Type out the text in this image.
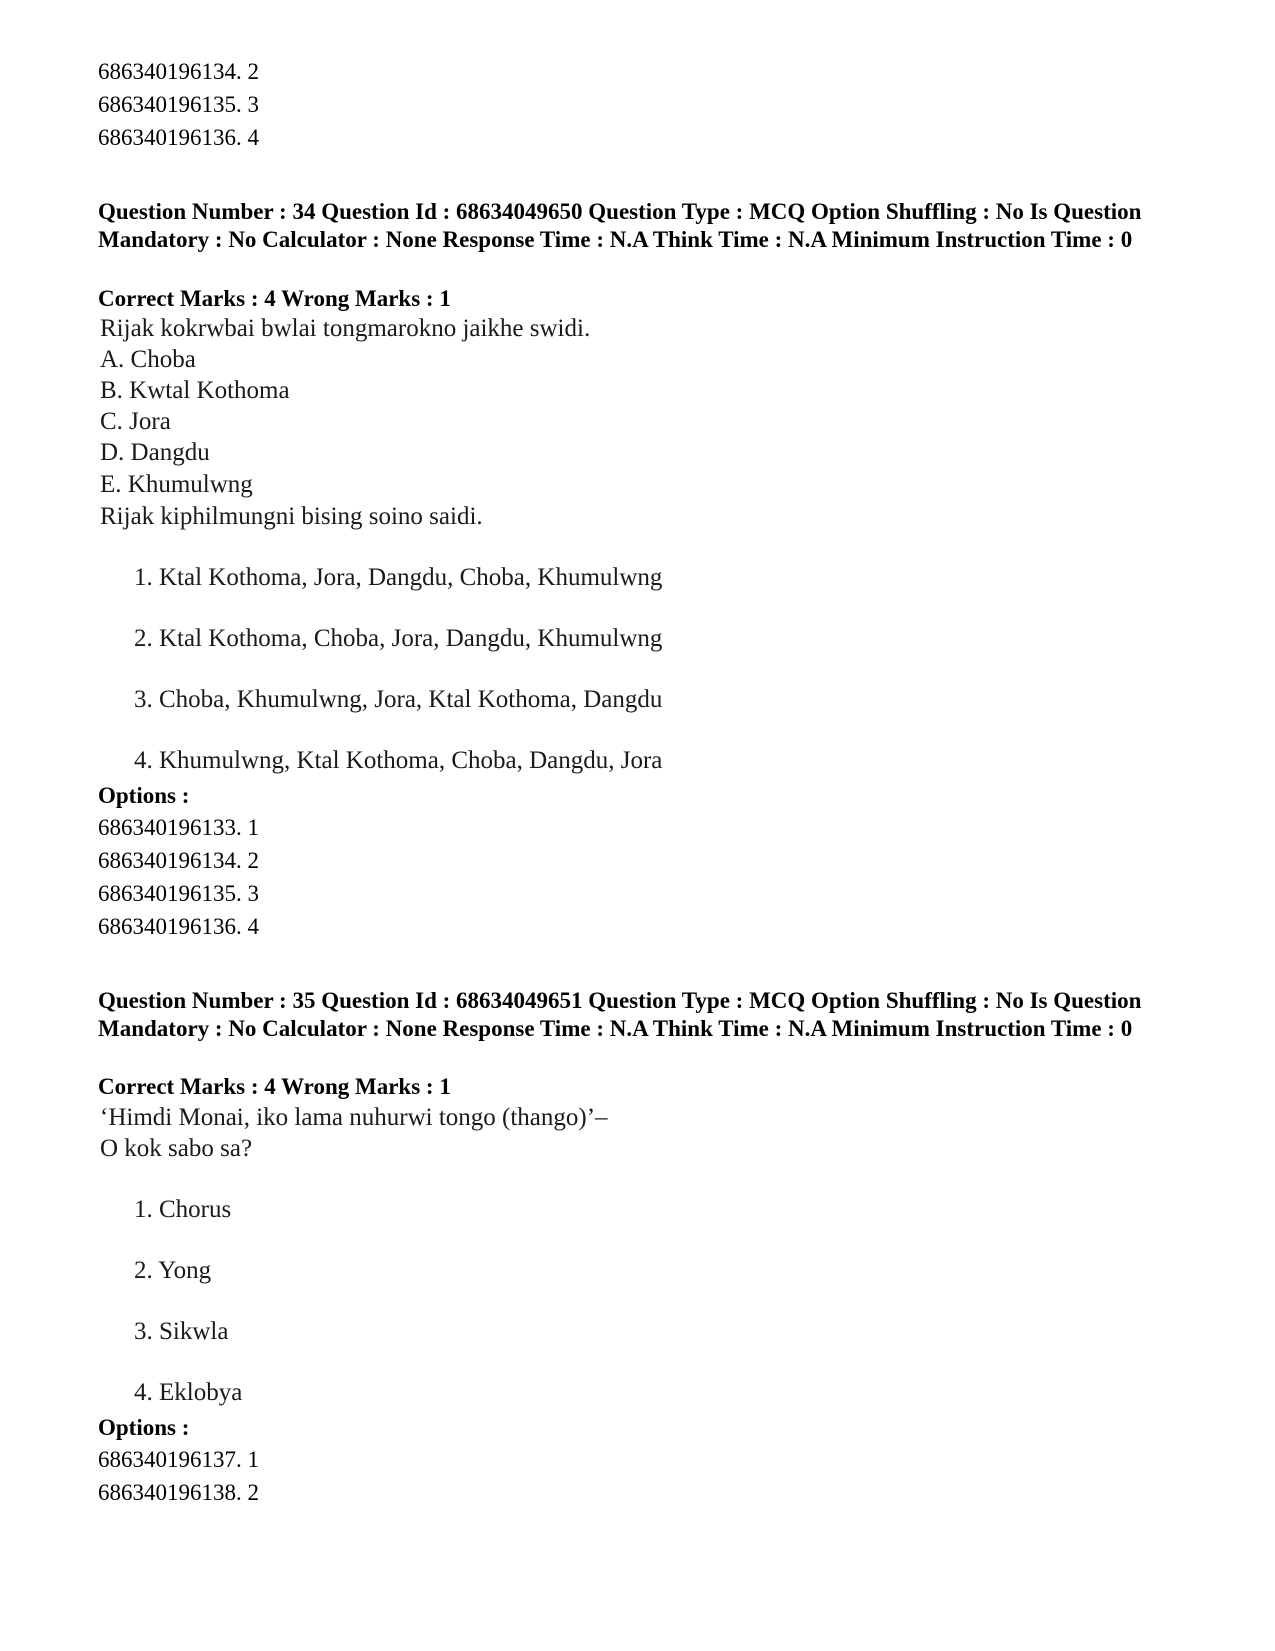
686340196134. 2
686340196135. 3
686340196136. 4
Question Number : 34 Question Id : 68634049650 Question Type : MCQ Option Shuffling : No Is Question Mandatory : No Calculator : None Response Time : N.A Think Time : N.A Minimum Instruction Time : 0
Correct Marks : 4 Wrong Marks : 1
Rijak kokrwbai bwlai tongmarokno jaikhe swidi.
A. Choba
B. Kwtal Kothoma
C. Jora
D. Dangdu
E. Khumulwng
Rijak kiphilmungni bising soino saidi.
1. Ktal Kothoma, Jora, Dangdu, Choba, Khumulwng
2. Ktal Kothoma, Choba, Jora, Dangdu, Khumulwng
3. Choba, Khumulwng, Jora, Ktal Kothoma, Dangdu
4. Khumulwng, Ktal Kothoma, Choba, Dangdu, Jora
Options :
686340196133. 1
686340196134. 2
686340196135. 3
686340196136. 4
Question Number : 35 Question Id : 68634049651 Question Type : MCQ Option Shuffling : No Is Question Mandatory : No Calculator : None Response Time : N.A Think Time : N.A Minimum Instruction Time : 0
Correct Marks : 4 Wrong Marks : 1
‘Himdi Monai, iko lama nuhurwi tongo (thango)’–
O kok sabo sa?
1. Chorus
2. Yong
3. Sikwla
4. Eklobya
Options :
686340196137. 1
686340196138. 2
